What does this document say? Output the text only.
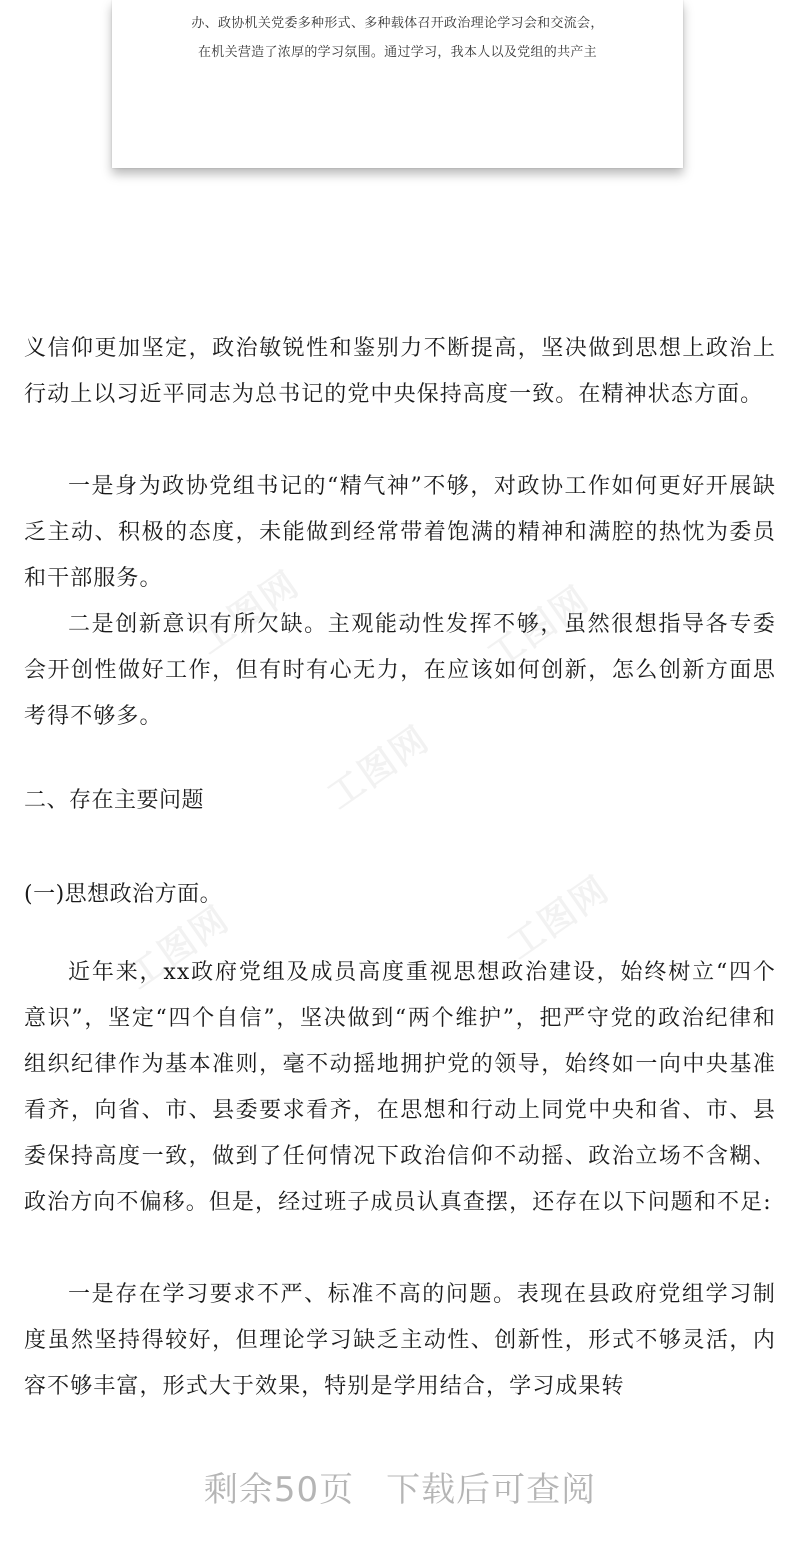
办、政协机关党委多种形式、多种载体召开政治理论学习会和交流会，
在机关营造了浓厚的学习氛围。通过学习，我本人以及党组的共产主
工图网	工图网
工图网
工图网	工图网

义信仰更加坚定，政治敏锐性和鉴别力不断提高，坚决做到思想上政治上行动上以习近平同志为总书记的党中央保持高度一致。在精神状态方面。

一是身为政协党组书记的“精气神”不够，对政协工作如何更好开展缺乏主动、积极的态度，未能做到经常带着饱满的精神和满腔的热忱为委员和干部服务。

二是创新意识有所欠缺。主观能动性发挥不够，虽然很想指导各专委会开创性做好工作，但有时有心无力，在应该如何创新，怎么创新方面思考得不够多。

二、存在主要问题
(一)思想政治方面。

近年来，xx政府党组及成员高度重视思想政治建设，始终树立“四个意识”，坚定“四个自信”，坚决做到“两个维护”，把严守党的政治纪律和组织纪律作为基本准则，毫不动摇地拥护党的领导，始终如一向中央基准看齐，向省、市、县委要求看齐，在思想和行动上同党中央和省、市、县委保持高度一致，做到了任何情况下政治信仰不动摇、政治立场不含糊、政治方向不偏移。但是，经过班子成员认真查摆，还存在以下问题和不足:

一是存在学习要求不严、标准不高的问题。表现在县政府党组学习制度虽然坚持得较好，但理论学习缺乏主动性、创新性，形式不够灵活，内容不够丰富，形式大于效果，特别是学用结合，学习成果转

剩余50页 下载后可查阅
